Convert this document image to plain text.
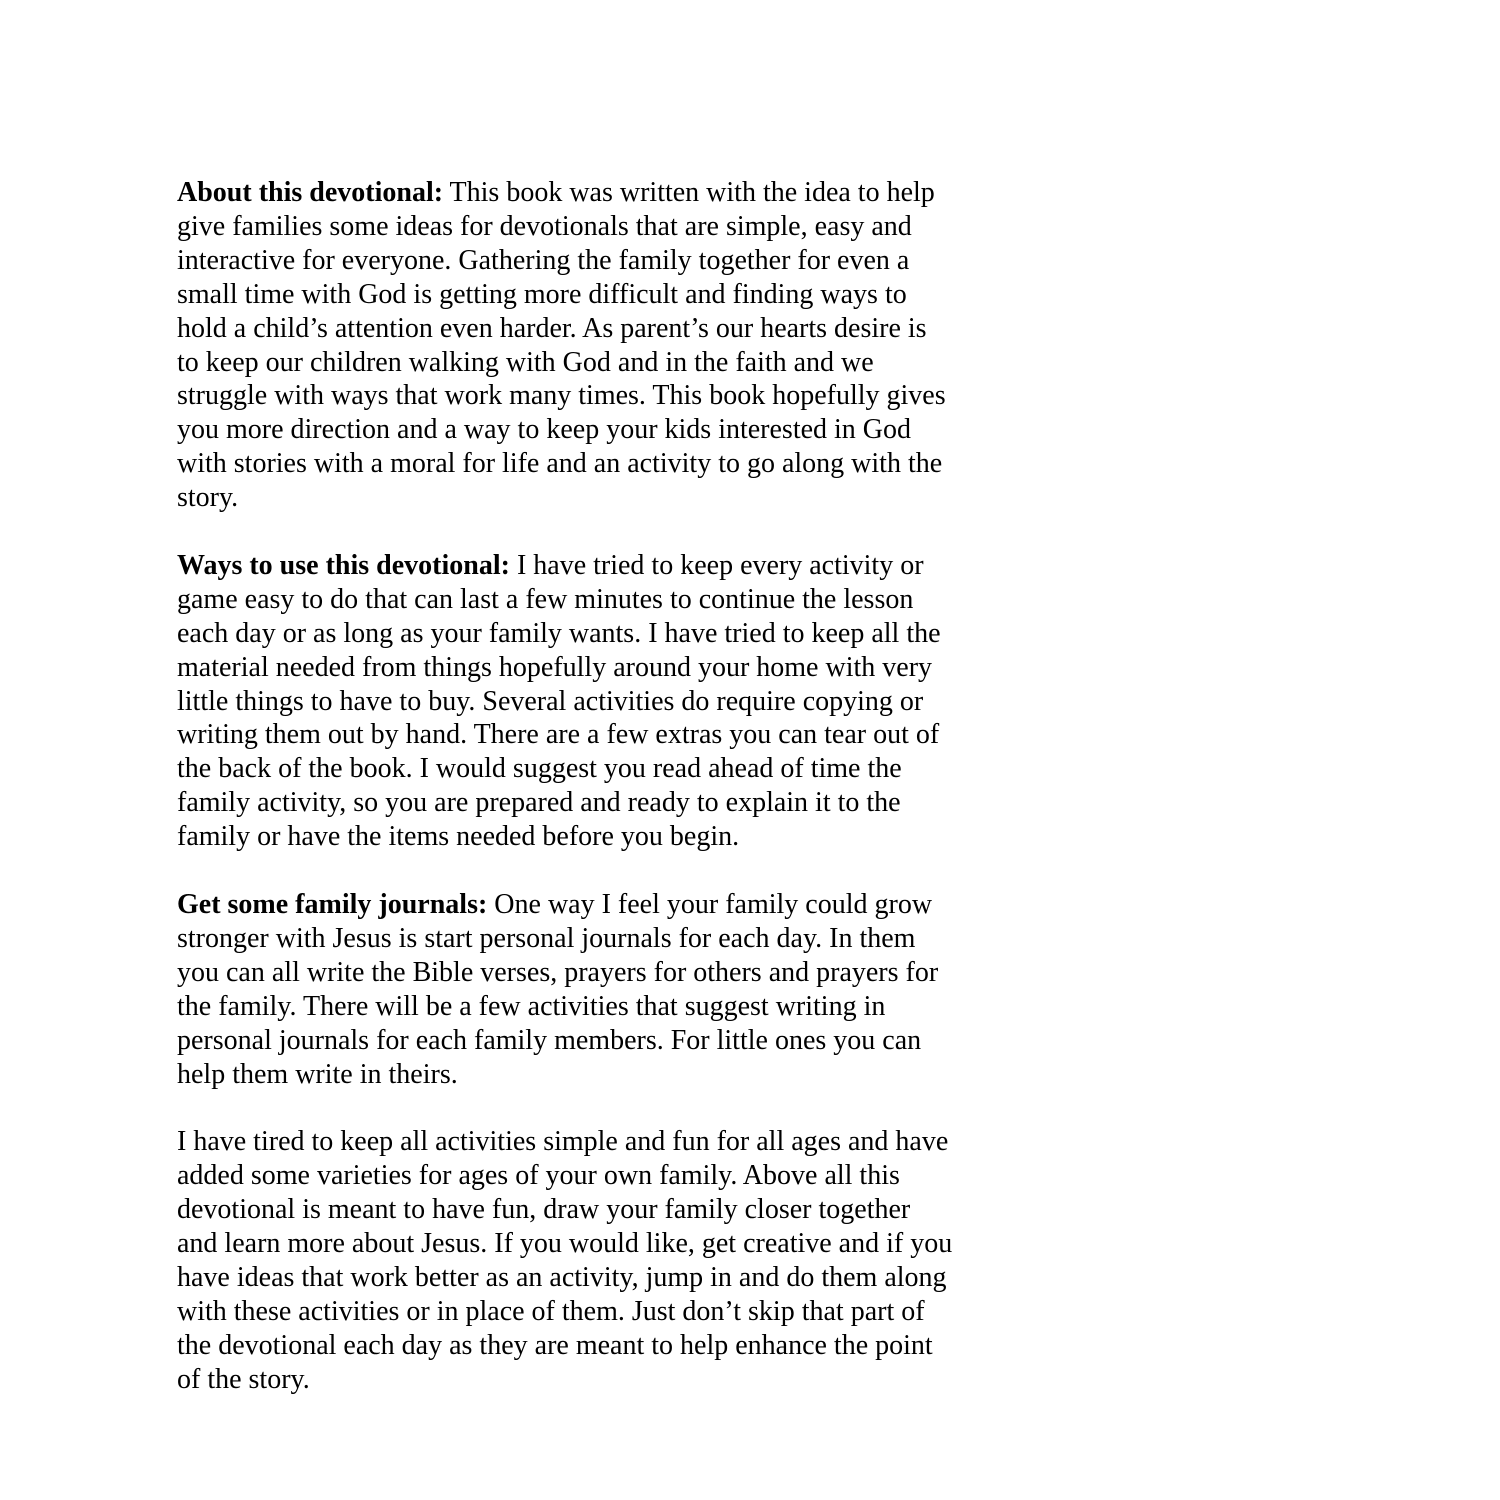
About this devotional: This book was written with the idea to help
give families some ideas for devotionals that are simple, easy and
interactive for everyone. Gathering the family together for even a
small time with God is getting more difficult and finding ways to
hold a child’s attention even harder. As parent’s our hearts desire is
to keep our children walking with God and in the faith and we
struggle with ways that work many times. This book hopefully gives
you more direction and a way to keep your kids interested in God
with stories with a moral for life and an activity to go along with the
story.

Ways to use this devotional: I have tried to keep every activity or
game easy to do that can last a few minutes to continue the lesson
each day or as long as your family wants. I have tried to keep all the
material needed from things hopefully around your home with very
little things to have to buy. Several activities do require copying or
writing them out by hand. There are a few extras you can tear out of
the back of the book. I would suggest you read ahead of time the
family activity, so you are prepared and ready to explain it to the
family or have the items needed before you begin.

Get some family journals: One way I feel your family could grow
stronger with Jesus is start personal journals for each day. In them
you can all write the Bible verses, prayers for others and prayers for
the family. There will be a few activities that suggest writing in
personal journals for each family members. For little ones you can
help them write in theirs.

I have tired to keep all activities simple and fun for all ages and have
added some varieties for ages of your own family. Above all this
devotional is meant to have fun, draw your family closer together
and learn more about Jesus. If you would like, get creative and if you
have ideas that work better as an activity, jump in and do them along
with these activities or in place of them. Just don’t skip that part of
the devotional each day as they are meant to help enhance the point
of the story.
